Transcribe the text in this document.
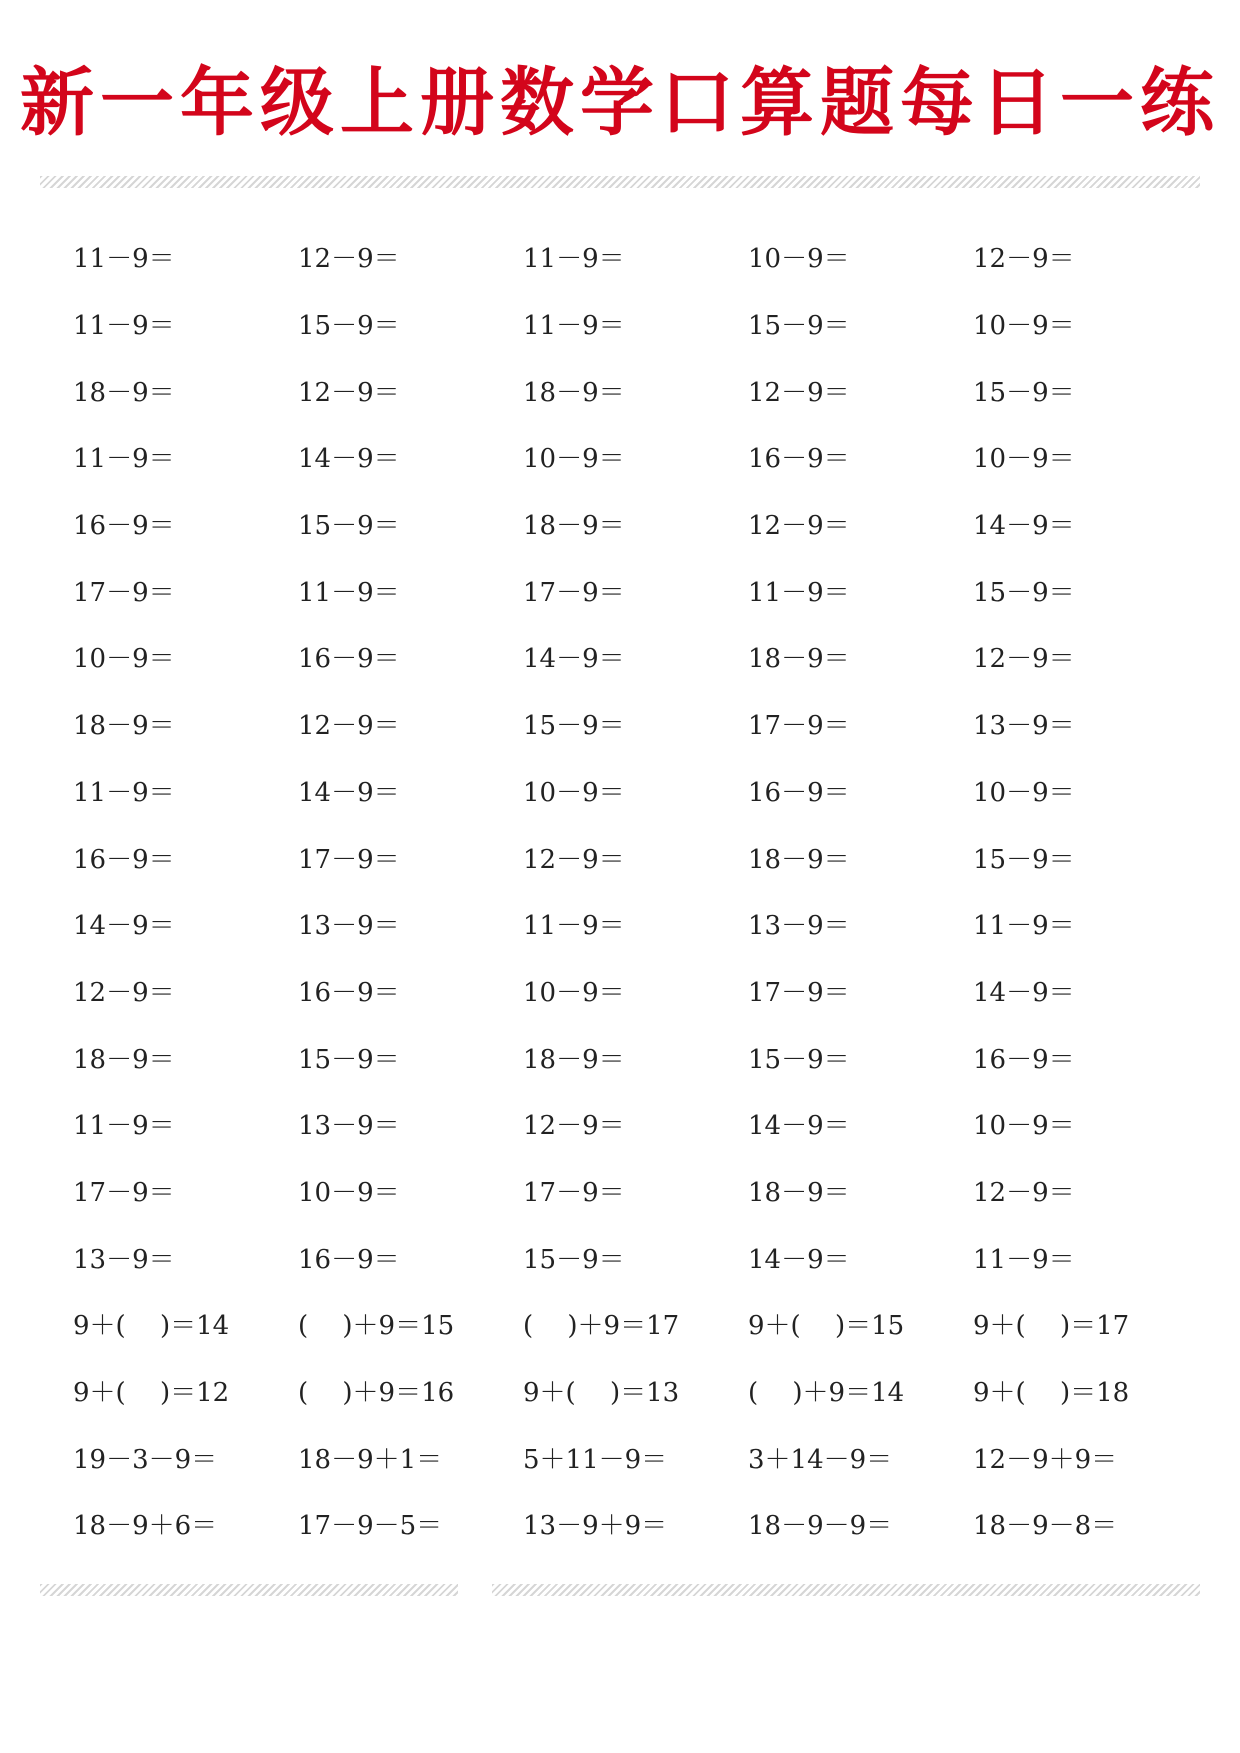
新一年级上册数学口算题每日一练
11－9＝	12－9＝	11－9＝	10－9＝	12－9＝
11－9＝	15－9＝	11－9＝	15－9＝	10－9＝
18－9＝	12－9＝	18－9＝	12－9＝	15－9＝
11－9＝	14－9＝	10－9＝	16－9＝	10－9＝
16－9＝	15－9＝	18－9＝	12－9＝	14－9＝
17－9＝	11－9＝	17－9＝	11－9＝	15－9＝
10－9＝	16－9＝	14－9＝	18－9＝	12－9＝
18－9＝	12－9＝	15－9＝	17－9＝	13－9＝
11－9＝	14－9＝	10－9＝	16－9＝	10－9＝
16－9＝	17－9＝	12－9＝	18－9＝	15－9＝
14－9＝	13－9＝	11－9＝	13－9＝	11－9＝
12－9＝	16－9＝	10－9＝	17－9＝	14－9＝
18－9＝	15－9＝	18－9＝	15－9＝	16－9＝
11－9＝	13－9＝	12－9＝	14－9＝	10－9＝
17－9＝	10－9＝	17－9＝	18－9＝	12－9＝
13－9＝	16－9＝	15－9＝	14－9＝	11－9＝
9＋(　 )＝14	(　 )＋9＝15	(　 )＋9＝17	9＋(　 )＝15	9＋(　 )＝17
9＋(　 )＝12	(　 )＋9＝16	9＋(　 )＝13	(　 )＋9＝14	9＋(　 )＝18
19－3－9＝	18－9＋1＝	5＋11－9＝	3＋14－9＝	12－9＋9＝
18－9＋6＝	17－9－5＝	13－9＋9＝	18－9－9＝	18－9－8＝
